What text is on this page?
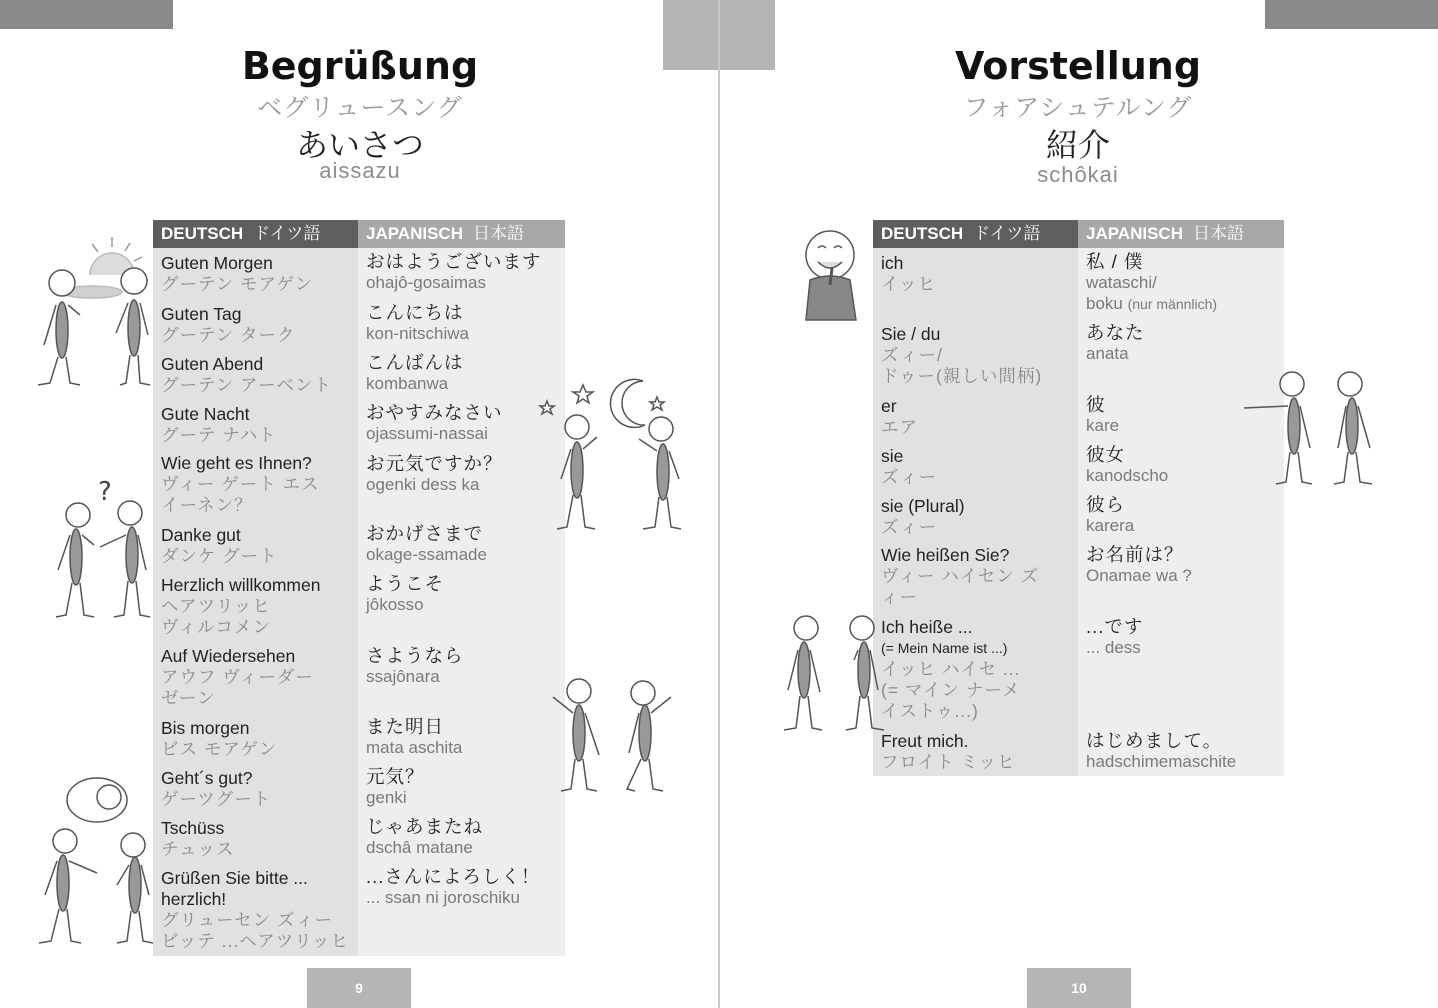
Begrüßung
ベグリュースング
あいさつ
aissazu
DEUTSCH ドイツ語	JAPANISCH 日本語
Guten Morgen
グーテン モアゲン
おはようございます
ohajô-gosaimas
Guten Tag
グーテン ターク
こんにちは
kon-nitschiwa
Guten Abend
グーテン アーベント
こんばんは
kombanwa
Gute Nacht
グーテ ナハト
おやすみなさい
ojassumi-nassai
Wie geht es Ihnen?
ヴィー ゲート エス
イーネン？
お元気ですか？
ogenki dess ka
Danke gut
ダンケ グート
おかげさまで
okage-ssamade
Herzlich willkommen
ヘアツリッヒ
ヴィルコメン
ようこそ
jôkosso
Auf Wiedersehen
アウフ ヴィーダー
ゼーン
さようなら
ssajônara
Bis morgen
ビス モアゲン
また明日
mata aschita
Geht´s gut?
ゲーツグート
元気？
genki
Tschüss
チュッス
じゃあまたね
dschâ matane
Grüßen Sie bitte ...
herzlich!
グリューセン ズィー
ビッテ ...ヘアツリッヒ
...さんによろしく！
... ssan ni joroschiku
9
?
Vorstellung
フォアシュテルング
紹介
schôkai
DEUTSCH ドイツ語	JAPANISCH 日本語
ich
イッヒ
私 / 僕
wataschi/
boku (nur männlich)
Sie / du
ズィー/
ドゥー(親しい間柄)
あなた
anata
er
エア
彼
kare
sie
ズィー
彼女
kanodscho
sie (Plural)
ズィー
彼ら
karera
Wie heißen Sie?
ヴィー ハイセン ズ
ィー
お名前は？
Onamae wa ?
Ich heiße ...
(= Mein Name ist ...)
イッヒ ハイセ ...
(= マイン ナーメ
イストゥ...)
...です
... dess
Freut mich.
フロイト ミッヒ
はじめまして。
hadschimemaschite
10
